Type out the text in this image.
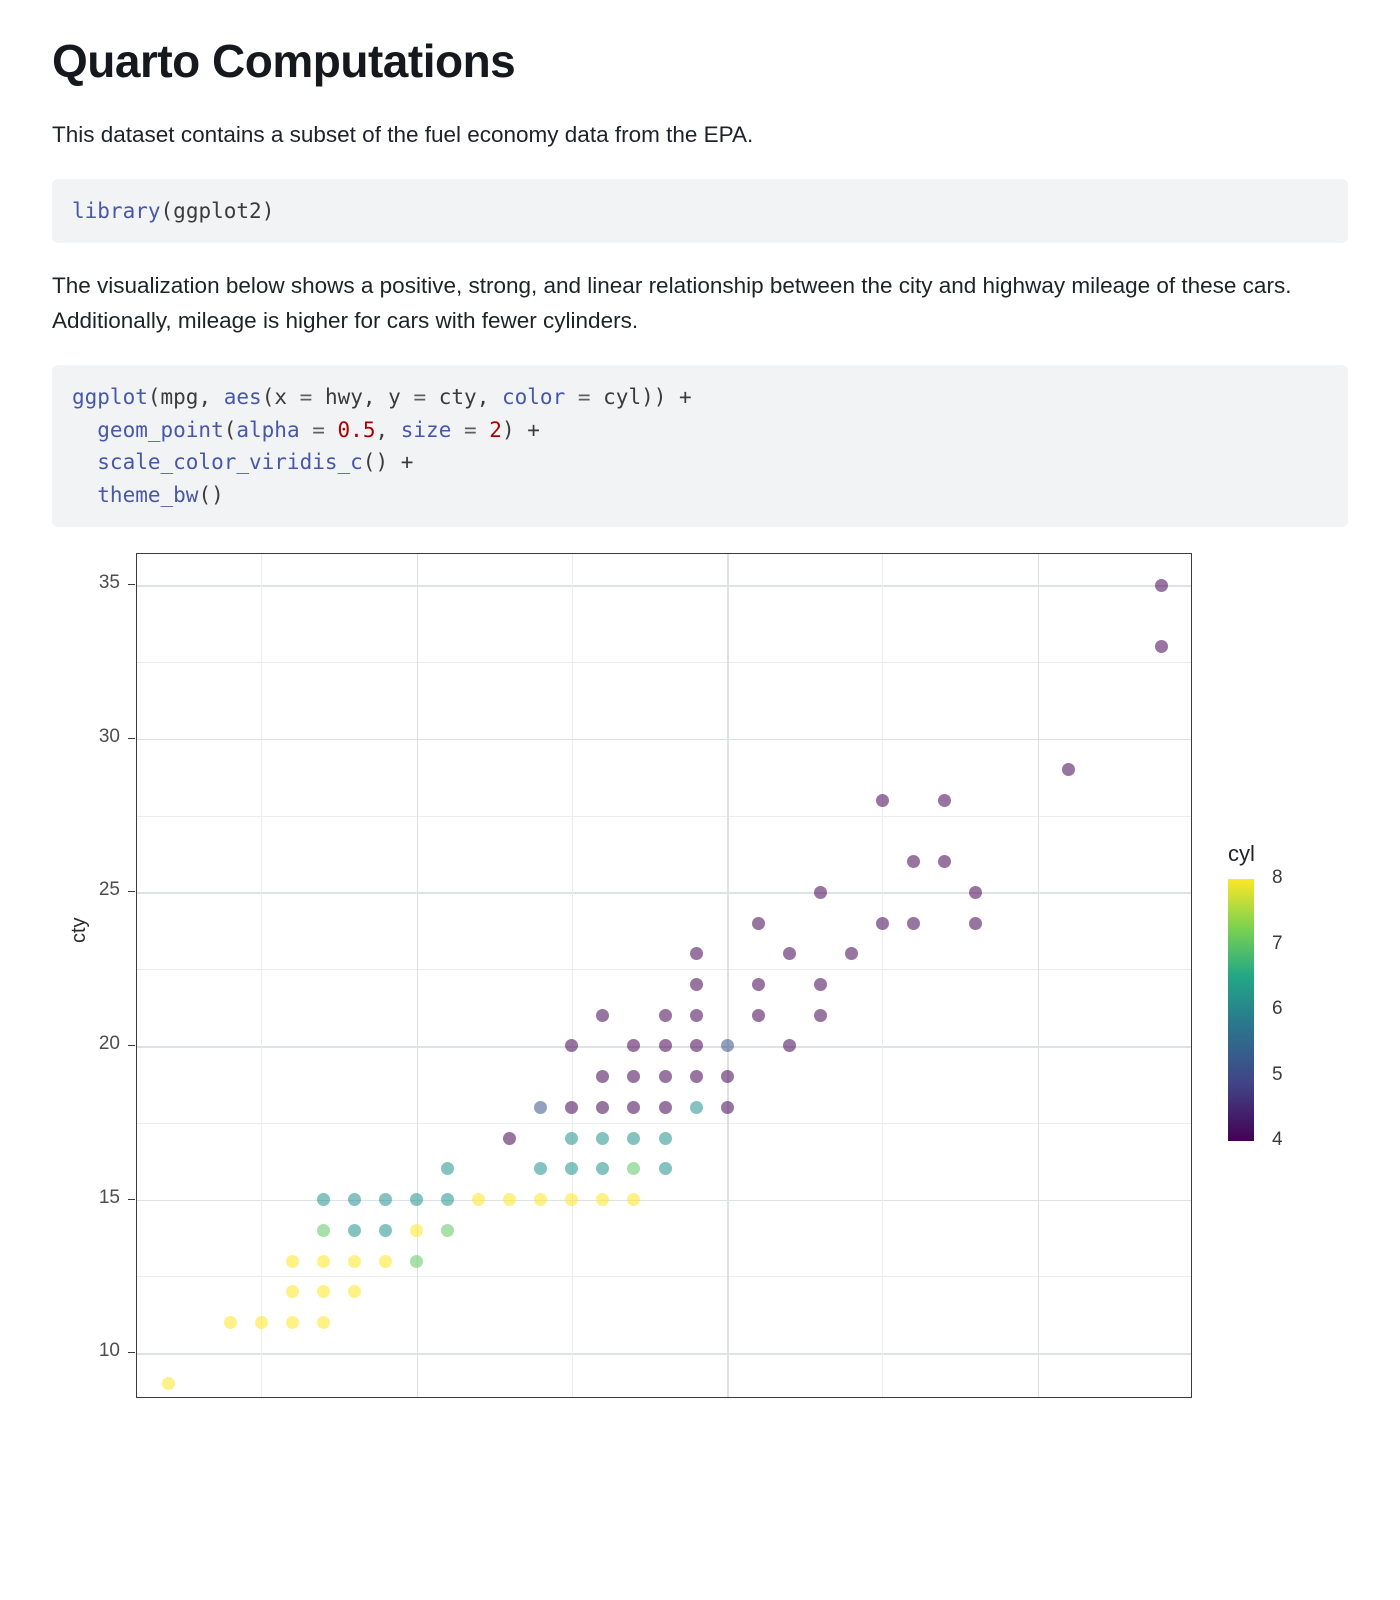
Quarto Computations

This dataset contains a subset of the fuel economy data from the EPA.

library(ggplot2)

The visualization below shows a positive, strong, and linear relationship between the city and highway mileage of these cars. Additionally, mileage is higher for cars with fewer cylinders.

ggplot(mpg, aes(x = hwy, y = cty, color = cyl)) +
geom_point(alpha = 0.5, size = 2) +
scale_color_viridis_c() +
theme_bw()
cty
10
15
20
25
30
35
cyl
4
5
6
7
8
